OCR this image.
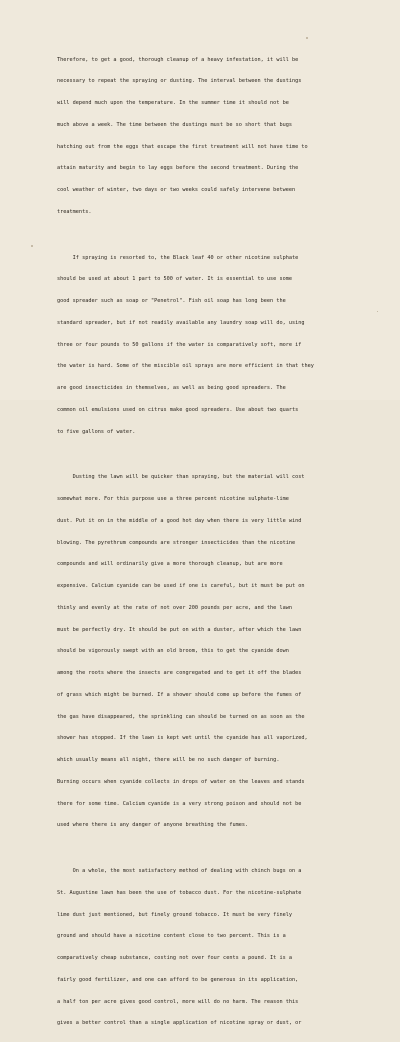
Therefore, to get a good, thorough cleanup of a heavy infestation, it will be

necessary to repeat the spraying or dusting. The interval between the dustings

will depend much upon the temperature. In the summer time it should not be

much above a week. The time between the dustings must be so short that bugs

hatching out from the eggs that escape the first treatment will not have time to

attain maturity and begin to lay eggs before the second treatment. During the

cool weather of winter, two days or two weeks could safely intervene between

treatments.

If spraying is resorted to, the Black leaf 40 or other nicotine sulphate

should be used at about 1 part to 500 of water. It is essential to use some

good spreader such as soap or "Penetrol". Fish oil soap has long been the

standard spreader, but if not readily available any laundry soap will do, using

three or four pounds to 50 gallons if the water is comparatively soft, more if

the water is hard. Some of the miscible oil sprays are more efficient in that they

are good insecticides in themselves, as well as being good spreaders. The

common oil emulsions used on citrus make good spreaders. Use about two quarts

to five gallons of water.

Dusting the lawn will be quicker than spraying, but the material will cost

somewhat more. For this purpose use a three percent nicotine sulphate-lime

dust. Put it on in the middle of a good hot day when there is very little wind

blowing. The pyrethrum compounds are stronger insecticides than the nicotine

compounds and will ordinarily give a more thorough cleanup, but are more

expensive. Calcium cyanide can be used if one is careful, but it must be put on

thinly and evenly at the rate of not over 200 pounds per acre, and the lawn

must be perfectly dry. It should be put on with a duster, after which the lawn

should be vigorously swept with an old broom, this to get the cyanide down

among the roots where the insects are congregated and to get it off the blades

of grass which might be burned. If a shower should come up before the fumes of

the gas have disappeared, the sprinkling can should be turned on as soon as the

shower has stopped. If the lawn is kept wet until the cyanide has all vaporized,

which usually means all night, there will be no such danger of burning.

Burning occurs when cyanide collects in drops of water on the leaves and stands

there for some time. Calcium cyanide is a very strong poison and should not be

used where there is any danger of anyone breathing the fumes.

On a whole, the most satisfactory method of dealing with chinch bugs on a

St. Augustine lawn has been the use of tobacco dust. For the nicotine-sulphate

lime dust just mentioned, but finely ground tobacco. It must be very finely

ground and should have a nicotine content close to two percent. This is a

comparatively cheap substance, costing not over four cents a pound. It is a

fairly good fertilizer, and one can afford to be generous in its application,

a half ton per acre gives good control, more will do no harm. The reason this

gives a better control than a single application of nicotine spray or dust, or
